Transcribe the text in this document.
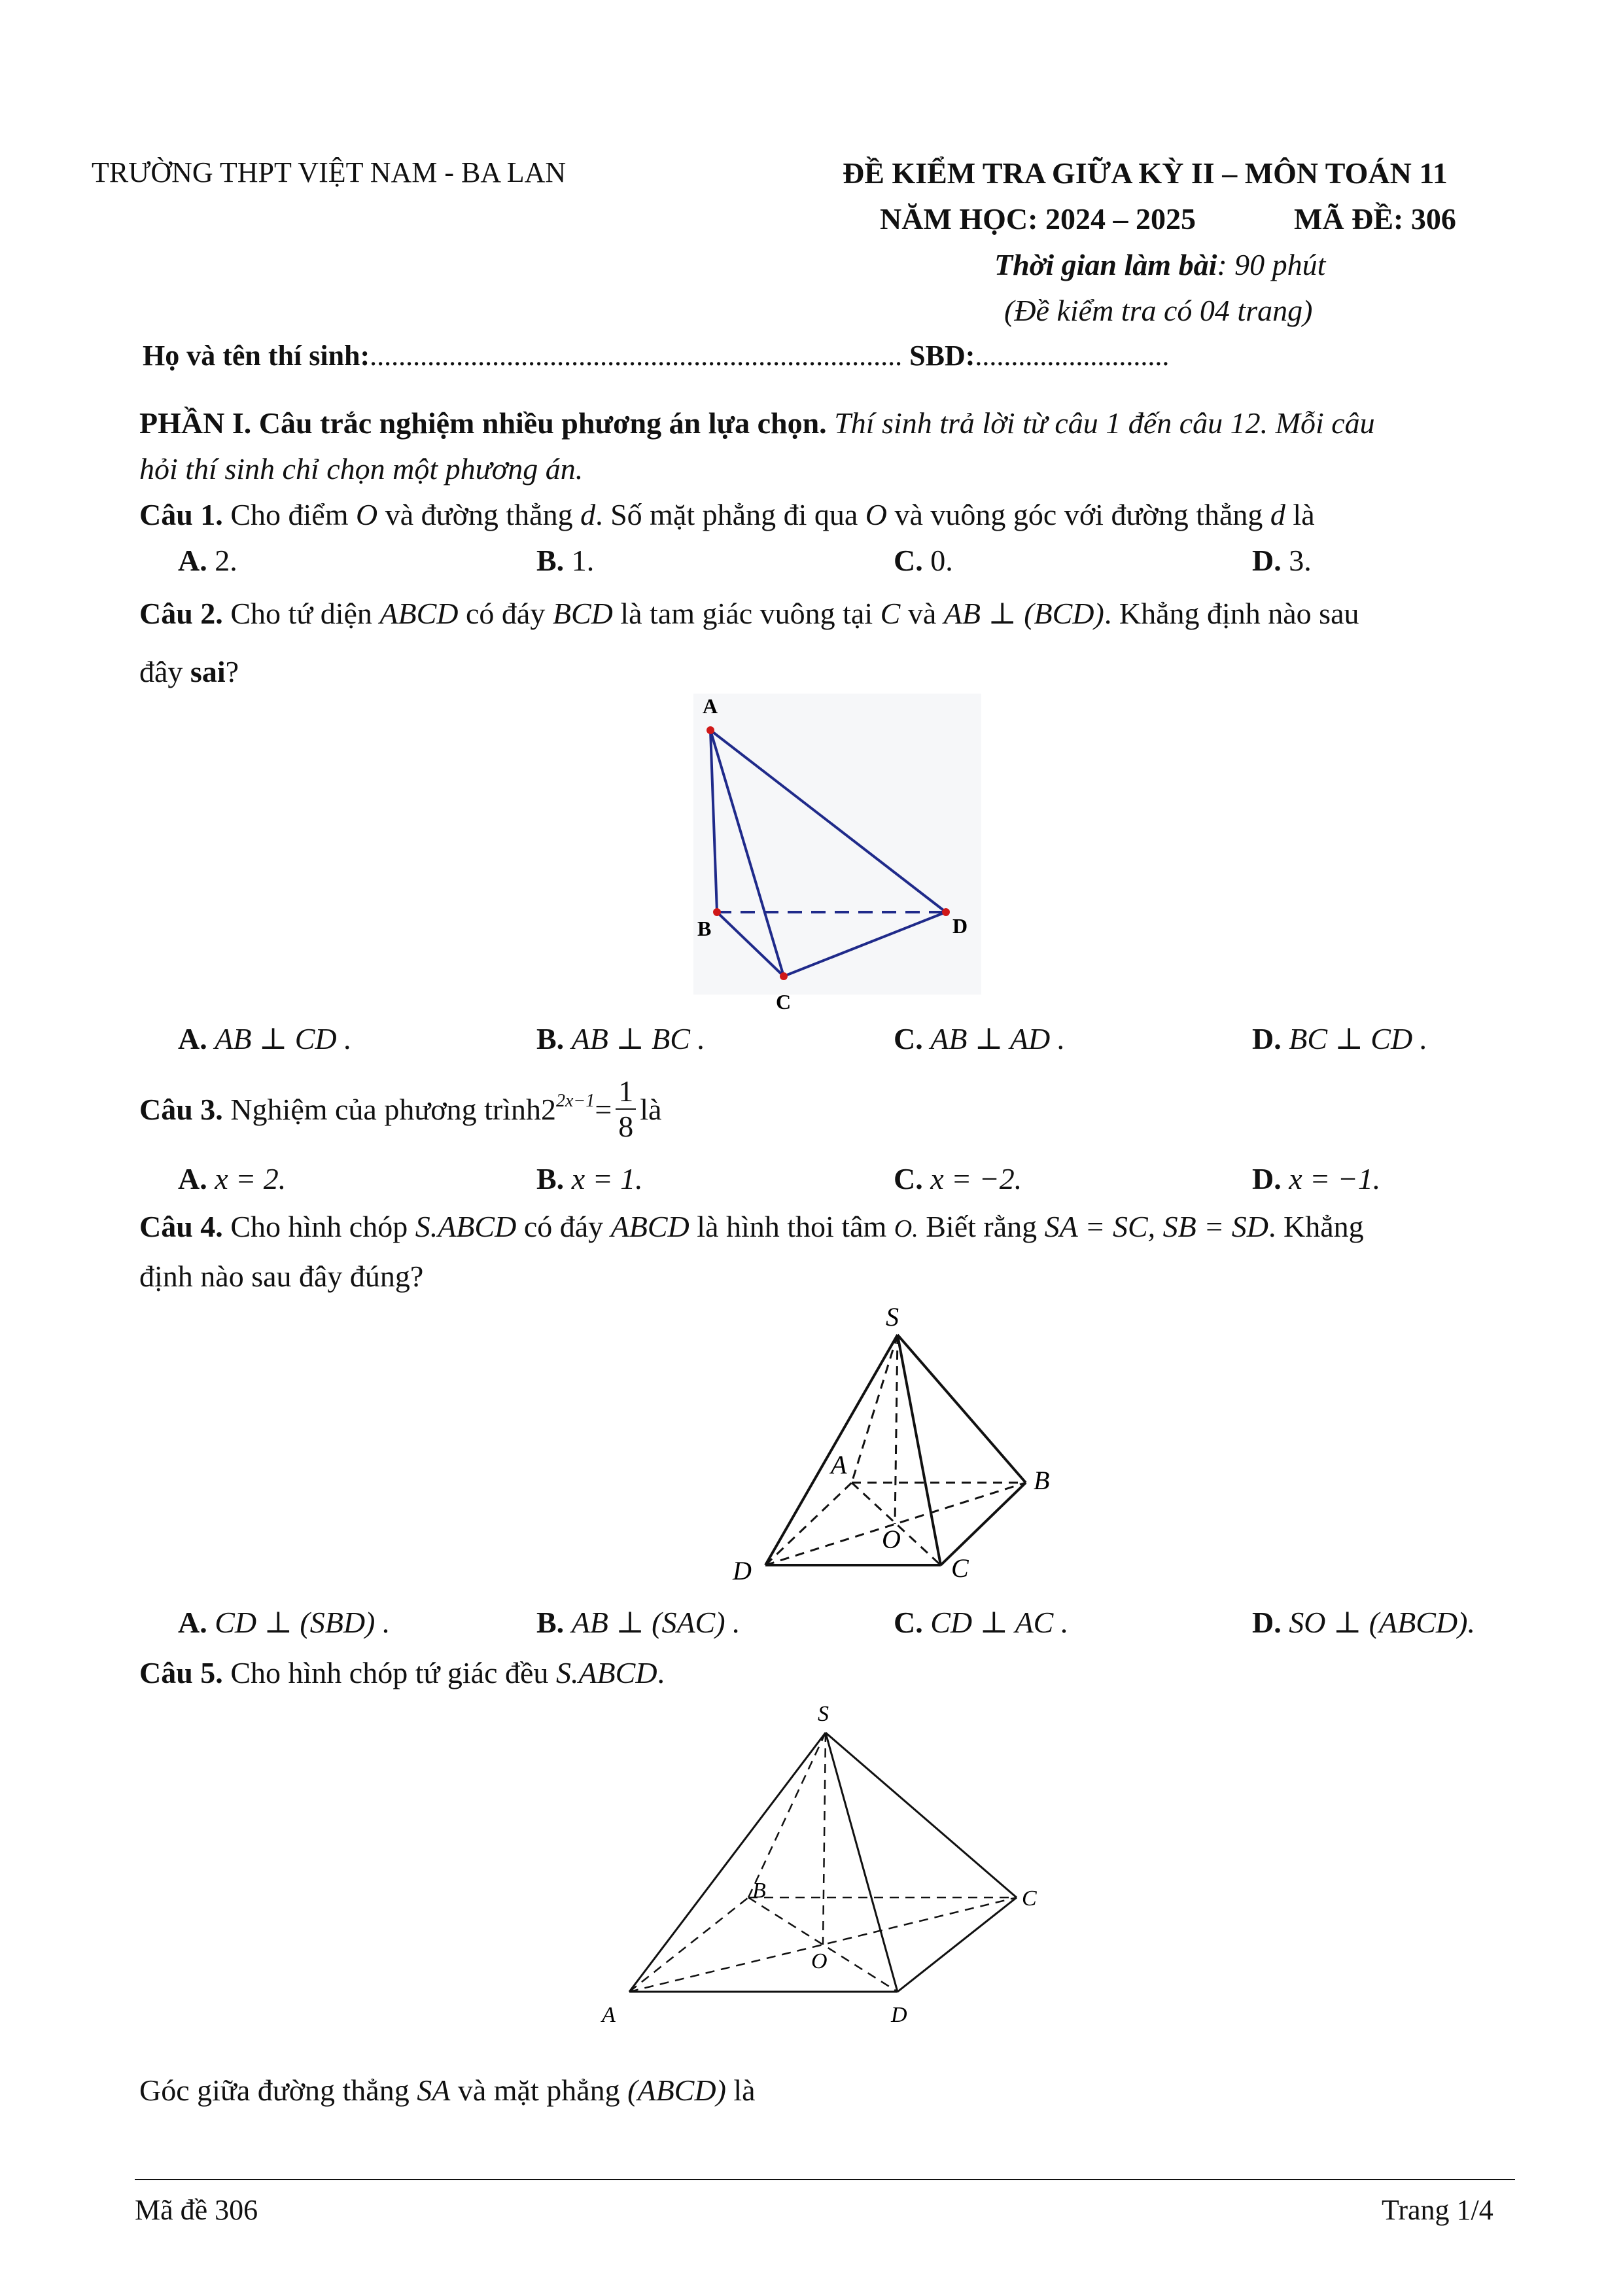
TRƯỜNG THPT VIỆT NAM - BA LAN	ĐỀ KIỂM TRA GIỮA KỲ II – MÔN TOÁN 11
NĂM HỌC: 2024 – 2025	MÃ ĐỀ: 306
Thời gian làm bài: 90 phút
(Đề kiểm tra có 04 trang)
Họ và tên thí sinh:.......................................................................... SBD:...........................
PHẦN I. Câu trắc nghiệm nhiều phương án lựa chọn. Thí sinh trả lời từ câu 1 đến câu 12. Mỗi câu
hỏi thí sinh chỉ chọn một phương án.
Câu 1. Cho điểm O và đường thẳng d. Số mặt phẳng đi qua O và vuông góc với đường thẳng d là
A. 2.	B. 1.	C. 0.	D. 3.
Câu 2. Cho tứ diện ABCD có đáy BCD là tam giác vuông tại C và AB ⊥ (BCD). Khẳng định nào sau
đây sai?
A
B
C
D
A. AB ⊥ CD .	B. AB ⊥ BC .	C. AB ⊥ AD .	D. BC ⊥ CD .
Câu 3.
Nghiệm của phương trình $2^{2x-1} = \frac{1}{8}$ là
A. x = 2.	B. x = 1.	C. x = −2.	D. x = −1.
Câu 4. Cho hình chóp S.ABCD có đáy ABCD là hình thoi tâm O. Biết rằng SA = SC, SB = SD. Khẳng
định nào sau đây đúng?
S
A
B
C
D
O
A. CD ⊥ (SBD) .	B. AB ⊥ (SAC) .	C. CD ⊥ AC .	D. SO ⊥ (ABCD).
Câu 5. Cho hình chóp tứ giác đều S.ABCD.
S
B	C
O
A	D
Góc giữa đường thẳng SA và mặt phẳng (ABCD) là
Mã đề 306	Trang 1/4
